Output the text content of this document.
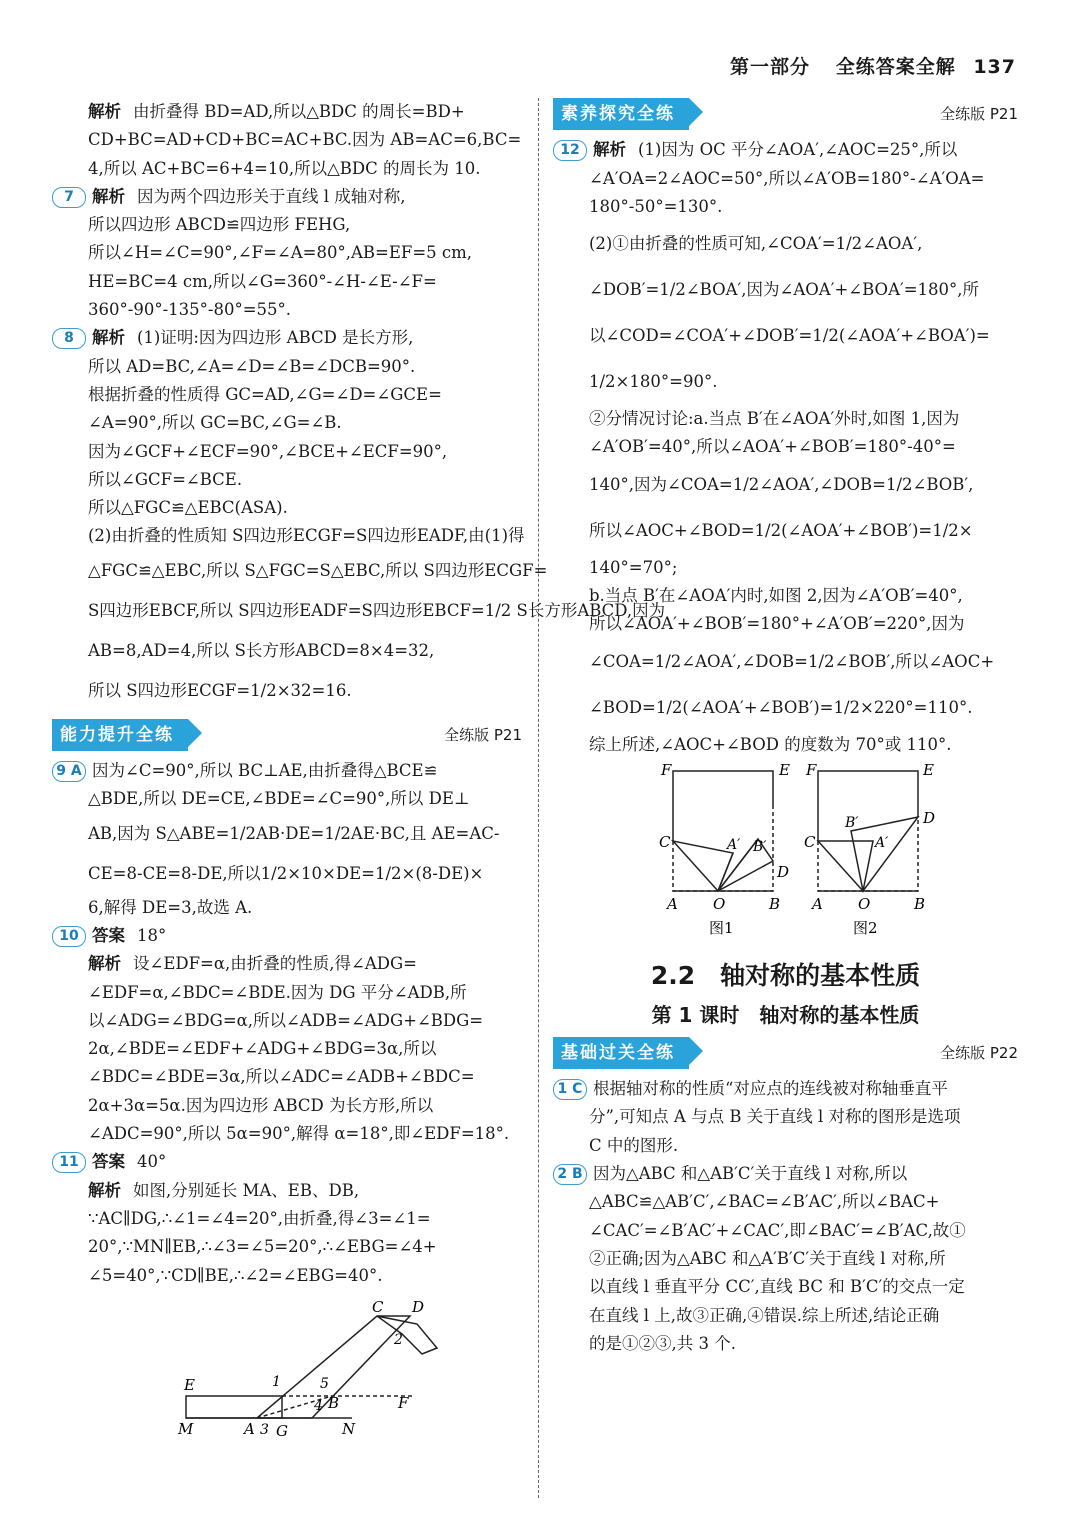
第一部分 全练答案全解 137

解析 由折叠得 BD=AD,所以△BDC 的周长=BD+

CD+BC=AD+CD+BC=AC+BC.因为 AB=AC=6,BC=

4,所以 AC+BC=6+4=10,所以△BDC 的周长为 10.

7 解析 因为两个四边形关于直线 l 成轴对称,

所以四边形 ABCD≌四边形 FEHG,

所以∠H=∠C=90°,∠F=∠A=80°,AB=EF=5 cm,

HE=BC=4 cm,所以∠G=360°-∠H-∠E-∠F=

360°-90°-135°-80°=55°.

8 解析 (1)证明:因为四边形 ABCD 是长方形,

所以 AD=BC,∠A=∠D=∠B=∠DCB=90°.

根据折叠的性质得 GC=AD,∠G=∠D=∠GCE=

∠A=90°,所以 GC=BC,∠G=∠B.

因为∠GCF+∠ECF=90°,∠BCE+∠ECF=90°,

所以∠GCF=∠BCE.

所以△FGC≌△EBC(ASA).

(2)由折叠的性质知 S四边形ECGF=S四边形EADF,由(1)得

△FGC≌△EBC,所以 S△FGC=S△EBC,所以 S四边形ECGF=

S四边形EBCF,所以 S四边形EADF=S四边形EBCF=1/2 S长方形ABCD,因为

AB=8,AD=4,所以 S长方形ABCD=8×4=32,

所以 S四边形ECGF=1/2×32=16.

能力提升全练	全练版 P21

9 A 因为∠C=90°,所以 BC⊥AE,由折叠得△BCE≌

△BDE,所以 DE=CE,∠BDE=∠C=90°,所以 DE⊥

AB,因为 S△ABE=1/2AB·DE=1/2AE·BC,且 AE=AC-

CE=8-CE=8-DE,所以1/2×10×DE=1/2×(8-DE)×

6,解得 DE=3,故选 A.

10 答案 18°

解析 设∠EDF=α,由折叠的性质,得∠ADG=

∠EDF=α,∠BDC=∠BDE.因为 DG 平分∠ADB,所

以∠ADG=∠BDG=α,所以∠ADB=∠ADG+∠BDG=

2α,∠BDE=∠EDF+∠ADG+∠BDG=3α,所以

∠BDC=∠BDE=3α,所以∠ADC=∠ADB+∠BDC=

2α+3α=5α.因为四边形 ABCD 为长方形,所以

∠ADC=90°,所以 5α=90°,解得 α=18°,即∠EDF=18°.

11 答案 40°

解析 如图,分别延长 MA、EB、DB,

∵AC∥DG,∴∠1=∠4=20°,由折叠,得∠3=∠1=

20°,∵MN∥EB,∴∠3=∠5=20°,∴∠EBG=∠4+

∠5=40°,∵CD∥BE,∴∠2=∠EBG=40°.

C D
E	1	5
2
4 B	F
M	A 3 G	N
素养探究全练	全练版 P21

12 解析 (1)因为 OC 平分∠AOA′,∠AOC=25°,所以

∠A′OA=2∠AOC=50°,所以∠A′OB=180°-∠A′OA=

180°-50°=130°.

(2)①由折叠的性质可知,∠COA′=1/2∠AOA′,

∠DOB′=1/2∠BOA′,因为∠AOA′+∠BOA′=180°,所

以∠COD=∠COA′+∠DOB′=1/2(∠AOA′+∠BOA′)=

1/2×180°=90°.

②分情况讨论:a.当点 B′在∠AOA′外时,如图 1,因为

∠A′OB′=40°,所以∠AOA′+∠BOB′=180°-40°=

140°,因为∠COA=1/2∠AOA′,∠DOB=1/2∠BOB′,

所以∠AOC+∠BOD=1/2(∠AOA′+∠BOB′)=1/2×

140°=70°;

b.当点 B′在∠AOA′内时,如图 2,因为∠A′OB′=40°,

所以∠AOA′+∠BOB′=180°+∠A′OB′=220°,因为

∠COA=1/2∠AOA′,∠DOB=1/2∠BOB′,所以∠AOC+

∠BOD=1/2(∠AOA′+∠BOB′)=1/2×220°=110°.

综上所述,∠AOC+∠BOD 的度数为 70°或 110°.

F	E
C	A′ B′
D
A O	B
图1
F	E
B′	D
C	A′
A O	B
图2
2.2　轴对称的基本性质
第 1 课时　轴对称的基本性质
基础过关全练	全练版 P22

1 C 根据轴对称的性质“对应点的连线被对称轴垂直平

分”,可知点 A 与点 B 关于直线 l 对称的图形是选项

C 中的图形.

2 B 因为△ABC 和△AB′C′关于直线 l 对称,所以

△ABC≌△AB′C′,∠BAC=∠B′AC′,所以∠BAC+

∠CAC′=∠B′AC′+∠CAC′,即∠BAC′=∠B′AC,故①

②正确;因为△ABC 和△A′B′C′关于直线 l 对称,所

以直线 l 垂直平分 CC′,直线 BC 和 B′C′的交点一定

在直线 l 上,故③正确,④错误.综上所述,结论正确

的是①②③,共 3 个.
